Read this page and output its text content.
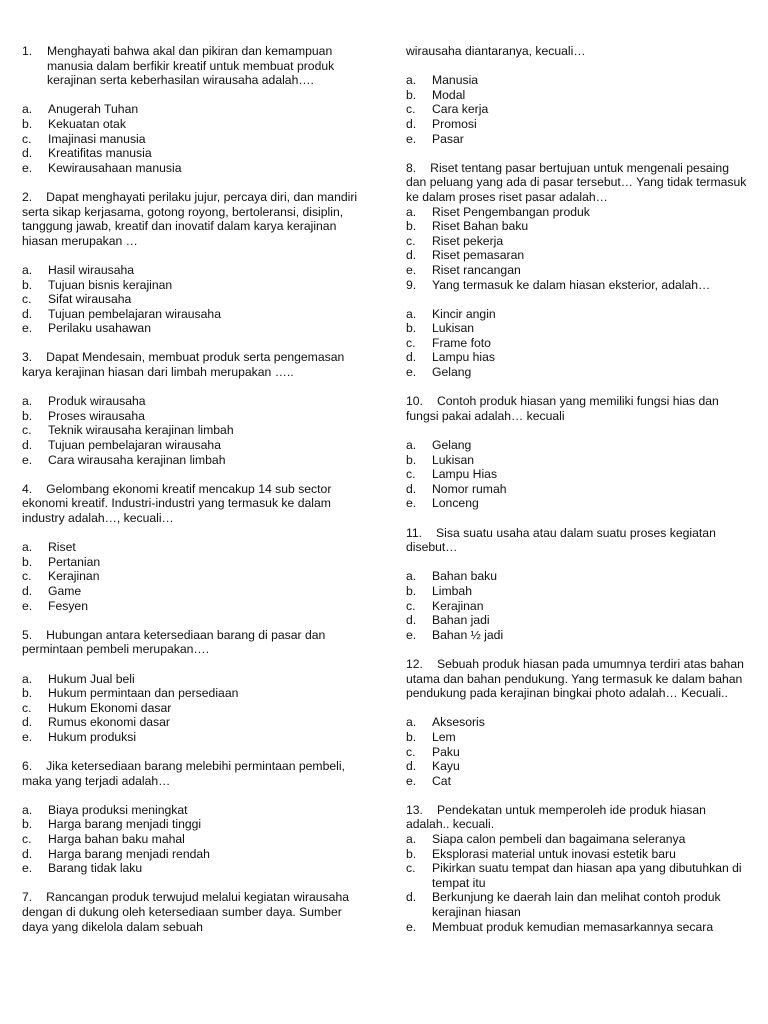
1.	Menghayati bahwa akal dan pikiran dan kemampuan manusia dalam berfikir kreatif untuk membuat produk kerajinan serta keberhasilan wirausaha adalah….

a.	Anugerah Tuhan
b.	Kekuatan otak
c.	Imajinasi manusia
d.	Kreatifitas manusia
e.	Kewirausahaan manusia

2. Dapat menghayati perilaku jujur, percaya diri, dan mandiri serta sikap kerjasama, gotong royong, bertoleransi, disiplin, tanggung jawab, kreatif dan inovatif dalam karya kerajinan hiasan merupakan …

a.	Hasil wirausaha
b.	Tujuan bisnis kerajinan
c.	Sifat wirausaha
d.	Tujuan pembelajaran wirausaha
e.	Perilaku usahawan

3. Dapat Mendesain, membuat produk serta pengemasan karya kerajinan hiasan dari limbah merupakan …..

a.	Produk wirausaha
b.	Proses wirausaha
c.	Teknik wirausaha kerajinan limbah
d.	Tujuan pembelajaran wirausaha
e.	Cara wirausaha kerajinan limbah

4. Gelombang ekonomi kreatif mencakup 14 sub sector ekonomi kreatif. Industri-industri yang termasuk ke dalam industry adalah…, kecuali…

a.	Riset
b.	Pertanian
c.	Kerajinan
d.	Game
e.	Fesyen

5. Hubungan antara ketersediaan barang di pasar dan permintaan pembeli merupakan….

a.	Hukum Jual beli
b.	Hukum permintaan dan persediaan
c.	Hukum Ekonomi dasar
d.	Rumus ekonomi dasar
e.	Hukum produksi

6. Jika ketersediaan barang melebihi permintaan pembeli, maka yang terjadi adalah…

a.	Biaya produksi meningkat
b.	Harga barang menjadi tinggi
c.	Harga bahan baku mahal
d.	Harga barang menjadi rendah
e.	Barang tidak laku

7. Rancangan produk terwujud melalui kegiatan wirausaha dengan di dukung oleh ketersediaan sumber daya. Sumber daya yang dikelola dalam sebuah

wirausaha diantaranya, kecuali…

a.	Manusia
b.	Modal
c.	Cara kerja
d.	Promosi
e.	Pasar

8. Riset tentang pasar bertujuan untuk mengenali pesaing dan peluang yang ada di pasar tersebut… Yang tidak termasuk ke dalam proses riset pasar adalah…

a.	Riset Pengembangan produk
b.	Riset Bahan baku
c.	Riset pekerja
d.	Riset pemasaran
e.	Riset rancangan
9.	Yang termasuk ke dalam hiasan eksterior, adalah…
a.	Kincir angin
b.	Lukisan
c.	Frame foto
d.	Lampu hias
e.	Gelang

10. Contoh produk hiasan yang memiliki fungsi hias dan fungsi pakai adalah… kecuali

a.	Gelang
b.	Lukisan
c.	Lampu Hias
d.	Nomor rumah
e.	Lonceng

11. Sisa suatu usaha atau dalam suatu proses kegiatan disebut…

a.	Bahan baku
b.	Limbah
c.	Kerajinan
d.	Bahan jadi
e.	Bahan ½ jadi

12. Sebuah produk hiasan pada umumnya terdiri atas bahan utama dan bahan pendukung. Yang termasuk ke dalam bahan pendukung pada kerajinan bingkai photo adalah… Kecuali..

a.	Aksesoris
b.	Lem
c.	Paku
d.	Kayu
e.	Cat

13. Pendekatan untuk memperoleh ide produk hiasan adalah.. kecuali.

a.	Siapa calon pembeli dan bagaimana seleranya
b.	Eksplorasi material untuk inovasi estetik baru
c.	Pikirkan suatu tempat dan hiasan apa yang dibutuhkan di tempat itu
d.	Berkunjung ke daerah lain dan melihat contoh produk kerajinan hiasan
e.	Membuat produk kemudian memasarkannya secara
